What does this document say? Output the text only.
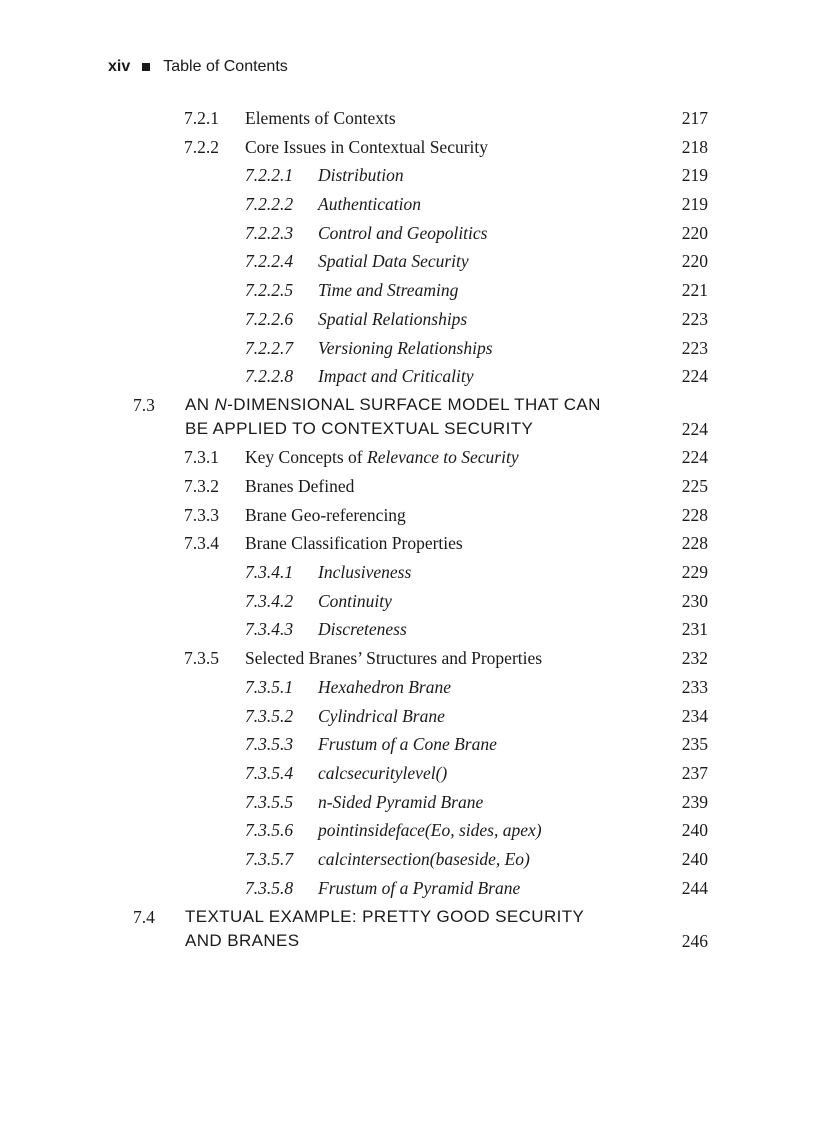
xiv Table of Contents
7.2.1 Elements of Contexts	217
7.2.2 Core Issues in Contextual Security	218
7.2.2.1 Distribution	219
7.2.2.2 Authentication	219
7.2.2.3 Control and Geopolitics	220
7.2.2.4 Spatial Data Security	220
7.2.2.5 Time and Streaming	221
7.2.2.6 Spatial Relationships	223
7.2.2.7 Versioning Relationships	223
7.2.2.8 Impact and Criticality	224
7.3 AN N-DIMENSIONAL SURFACE MODEL THAT CAN
BE APPLIED TO CONTEXTUAL SECURITY	224
7.3.1 Key Concepts of Relevance to Security	224
7.3.2 Branes Defined	225
7.3.3 Brane Geo-referencing	228
7.3.4 Brane Classification Properties	228
7.3.4.1 Inclusiveness	229
7.3.4.2 Continuity	230
7.3.4.3 Discreteness	231
7.3.5 Selected Branes’ Structures and Properties	232
7.3.5.1 Hexahedron Brane	233
7.3.5.2 Cylindrical Brane	234
7.3.5.3 Frustum of a Cone Brane	235
7.3.5.4 calcsecuritylevel()	237
7.3.5.5 n-Sided Pyramid Brane	239
7.3.5.6 pointinsideface(Eo, sides, apex)	240
7.3.5.7 calcintersection(baseside, Eo)	240
7.3.5.8 Frustum of a Pyramid Brane	244
7.4 TEXTUAL EXAMPLE: PRETTY GOOD SECURITY
AND BRANES	246
